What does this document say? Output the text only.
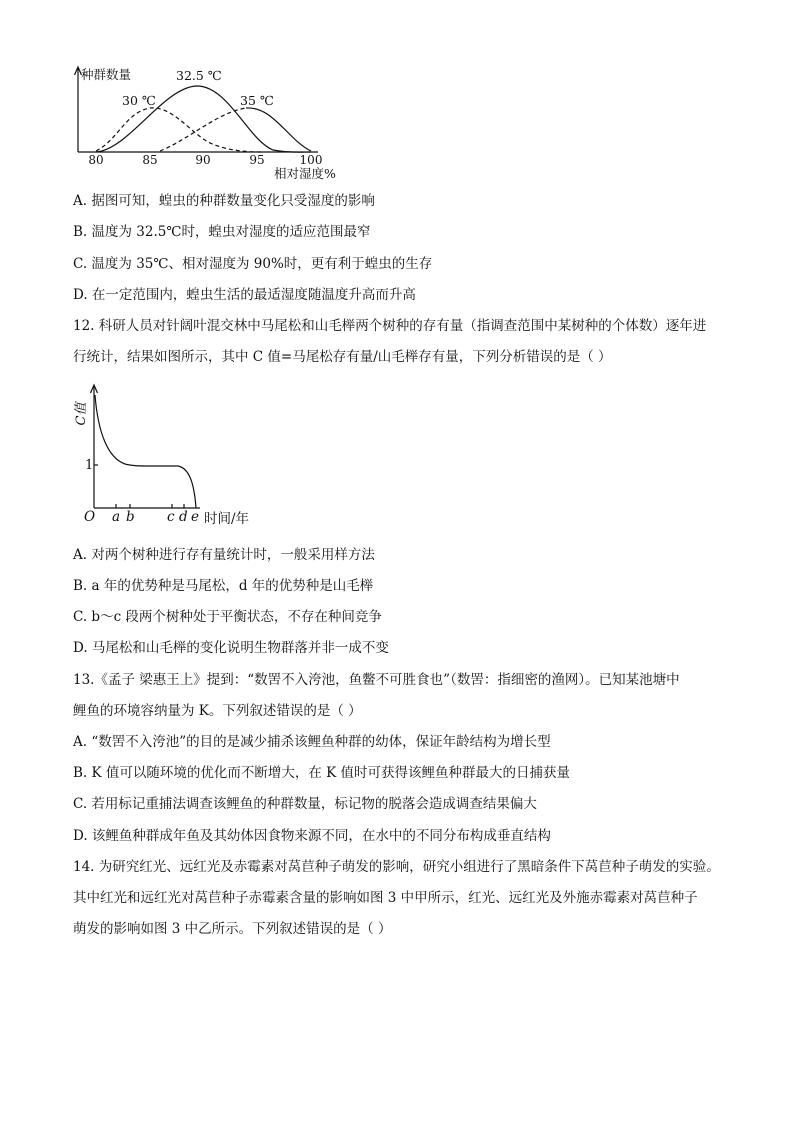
种群数量
80	85	90	95	100
相对湿度%
30 ℃
32.5 ℃
35 ℃
A. 据图可知，蝗虫的种群数量变化只受湿度的影响
B. 温度为 32.5℃时，蝗虫对湿度的适应范围最窄
C. 温度为 35℃、相对湿度为 90%时，更有利于蝗虫的生存
D. 在一定范围内，蝗虫生活的最适湿度随温度升高而升高
12. 科研人员对针阔叶混交林中马尾松和山毛榉两个树种的存有量（指调查范围中某树种的个体数）逐年进
行统计，结果如图所示，其中 C 值=马尾松存有量/山毛榉存有量，下列分析错误的是（ ）
C值
1
O a b c d e 时间/年
A. 对两个树种进行存有量统计时，一般采用样方法
B. a 年的优势种是马尾松，d 年的优势种是山毛榉
C. b～c 段两个树种处于平衡状态，不存在种间竞争
D. 马尾松和山毛榉的变化说明生物群落并非一成不变
13.《孟子 梁惠王上》提到：“数罟不入洿池，鱼鳖不可胜食也”（数罟：指细密的渔网）。已知某池塘中
鲤鱼的环境容纳量为 K。下列叙述错误的是（ ）
A. “数罟不入洿池”的目的是减少捕杀该鲤鱼种群的幼体，保证年龄结构为增长型
B. K 值可以随环境的优化而不断增大，在 K 值时可获得该鲤鱼种群最大的日捕获量
C. 若用标记重捕法调查该鲤鱼的种群数量，标记物的脱落会造成调查结果偏大
D. 该鲤鱼种群成年鱼及其幼体因食物来源不同，在水中的不同分布构成垂直结构
14. 为研究红光、远红光及赤霉素对莴苣种子萌发的影响，研究小组进行了黑暗条件下莴苣种子萌发的实验。
其中红光和远红光对莴苣种子赤霉素含量的影响如图 3 中甲所示，红光、远红光及外施赤霉素对莴苣种子
萌发的影响如图 3 中乙所示。下列叙述错误的是（ ）
